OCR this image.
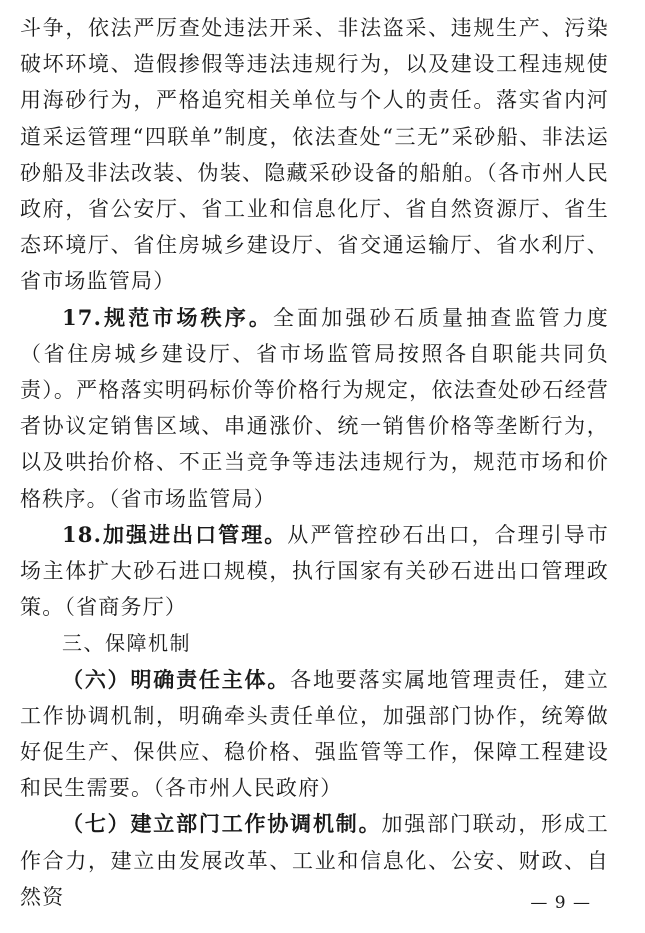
斗争，依法严厉查处违法开采、非法盗采、违规生产、污染破坏环境、造假掺假等违法违规行为，以及建设工程违规使用海砂行为，严格追究相关单位与个人的责任。落实省内河道采运管理“四联单”制度，依法查处“三无”采砂船、非法运砂船及非法改装、伪装、隐藏采砂设备的船舶。（各市州人民政府，省公安厅、省工业和信息化厅、省自然资源厅、省生态环境厅、省住房城乡建设厅、省交通运输厅、省水利厅、省市场监管局）

17.规范市场秩序。全面加强砂石质量抽查监管力度（省住房城乡建设厅、省市场监管局按照各自职能共同负责）。严格落实明码标价等价格行为规定，依法查处砂石经营者协议定销售区域、串通涨价、统一销售价格等垄断行为，以及哄抬价格、不正当竞争等违法违规行为，规范市场和价格秩序。（省市场监管局）

18.加强进出口管理。从严管控砂石出口，合理引导市场主体扩大砂石进口规模，执行国家有关砂石进出口管理政策。（省商务厅）

三、保障机制

（六）明确责任主体。各地要落实属地管理责任，建立工作协调机制，明确牵头责任单位，加强部门协作，统筹做好促生产、保供应、稳价格、强监管等工作，保障工程建设和民生需要。（各市州人民政府）

（七）建立部门工作协调机制。加强部门联动，形成工作合力，建立由发展改革、工业和信息化、公安、财政、自然资	— 9 —
